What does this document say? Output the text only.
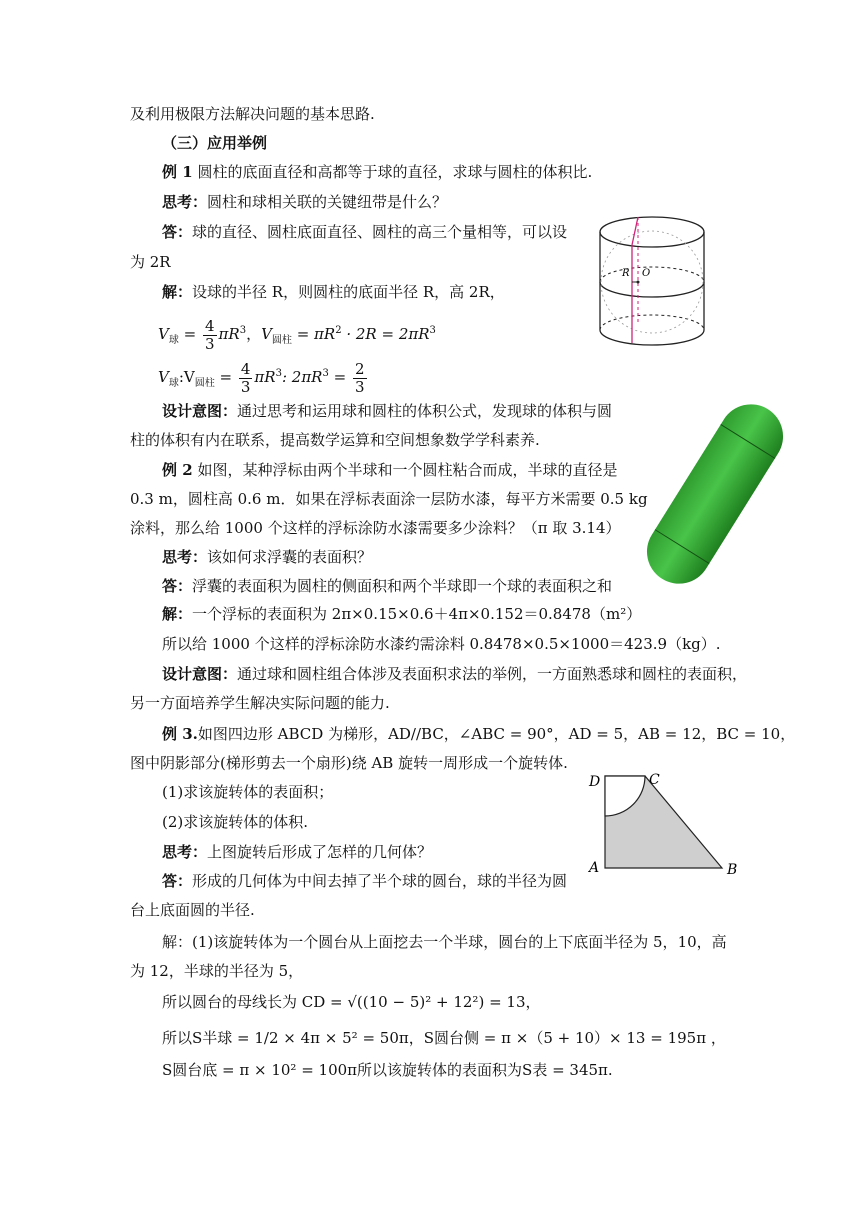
及利用极限方法解决问题的基本思路.
（三）应用举例
例 1 圆柱的底面直径和高都等于球的直径，求球与圆柱的体积比.
思考：圆柱和球相关联的关键纽带是什么？
答：球的直径、圆柱底面直径、圆柱的高三个量相等，可以设
为 2R
解：设球的半径 R，则圆柱的底面半径 R，高 2R，
$V_球 = \frac{4}{3} \pi R^3$，$V_{圆柱} = \pi R^2 \cdot 2R = 2\pi R^3$
$V_球:V_{圆柱} = \frac{4}{3} \pi R^3$: $2\pi R^3 = \frac{2}{3}$
设计意图：通过思考和运用球和圆柱的体积公式，发现球的体积与圆
柱的体积有内在联系，提高数学运算和空间想象数学学科素养.
例 2 如图，某种浮标由两个半球和一个圆柱粘合而成，半球的直径是
0.3 m，圆柱高 0.6 m．如果在浮标表面涂一层防水漆，每平方米需要 0.5 kg
涂料，那么给 1000 个这样的浮标涂防水漆需要多少涂料？（π 取 3.14）
思考：该如何求浮囊的表面积？
答：浮囊的表面积为圆柱的侧面积和两个半球即一个球的表面积之和
解：一个浮标的表面积为 2π×0.15×0.6＋4π×0.152＝0.8478（m²）
所以给 1000 个这样的浮标涂防水漆约需涂料 0.8478×0.5×1000＝423.9（kg）.
设计意图：通过球和圆柱组合体涉及表面积求法的举例，一方面熟悉球和圆柱的表面积，
另一方面培养学生解决实际问题的能力.
例 3.如图四边形 ABCD 为梯形，AD//BC，∠ABC = 90°，AD = 5，AB = 12，BC = 10，
图中阴影部分(梯形剪去一个扇形)绕 AB 旋转一周形成一个旋转体.
(1)求该旋转体的表面积；
(2)求该旋转体的体积.
思考：上图旋转后形成了怎样的几何体？
答：形成的几何体为中间去掉了半个球的圆台，球的半径为圆
台上底面圆的半径.
解：(1)该旋转体为一个圆台从上面挖去一个半球，圆台的上下底面半径为 5，10，高
为 12，半球的半径为 5，
所以圆台的母线长为 CD = √((10 − 5)² + 12²) = 13，
所以S半球 = 1/2 × 4π × 5² = 50π，S圆台侧 = π ×（5 + 10）× 13 = 195π ，
S圆台底 = π × 10² = 100π所以该旋转体的表面积为S表 = 345π.
R O
D	C
A	B
